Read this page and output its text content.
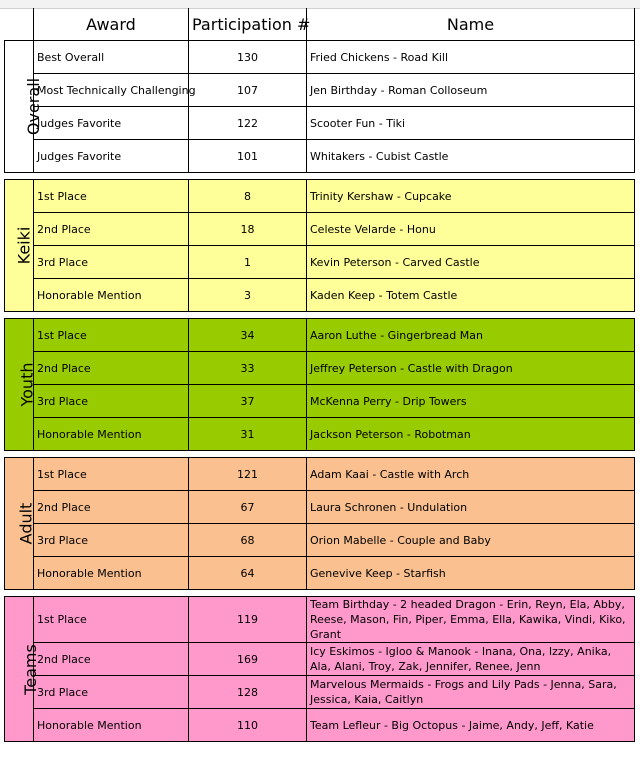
	Award	Participation #	Name
Overall	Best Overall	130	Fried Chickens - Road Kill
	Most Technically Challenging	107	Jen Birthday - Roman Colloseum
	Judges Favorite	122	Scooter Fun - Tiki
	Judges Favorite	101	Whitakers - Cubist Castle

Keiki	1st Place	8	Trinity Kershaw - Cupcake
	2nd Place	18	Celeste Velarde - Honu
	3rd Place	1	Kevin Peterson - Carved Castle
	Honorable Mention	3	Kaden Keep - Totem Castle

Youth	1st Place	34	Aaron Luthe - Gingerbread Man
	2nd Place	33	Jeffrey Peterson - Castle with Dragon
	3rd Place	37	McKenna Perry - Drip Towers
	Honorable Mention	31	Jackson Peterson - Robotman

Adult	1st Place	121	Adam Kaai - Castle with Arch
	2nd Place	67	Laura Schronen - Undulation
	3rd Place	68	Orion Mabelle - Couple and Baby
	Honorable Mention	64	Genevive Keep - Starfish

Teams	1st Place	119	Team Birthday - 2 headed Dragon - Erin, Reyn, Ela, Abby, Reese, Mason, Fin, Piper, Emma, Ella, Kawika, Vindi, Kiko, Grant
	2nd Place	169	Icy Eskimos - Igloo & Manook - Inana, Ona, Izzy, Anika, Ala, Alani, Troy, Zak, Jennifer, Renee, Jenn
	3rd Place	128	Marvelous Mermaids - Frogs and Lily Pads - Jenna, Sara, Jessica, Kaia, Caitlyn
	Honorable Mention	110	Team Lefleur - Big Octopus - Jaime, Andy, Jeff, Katie
